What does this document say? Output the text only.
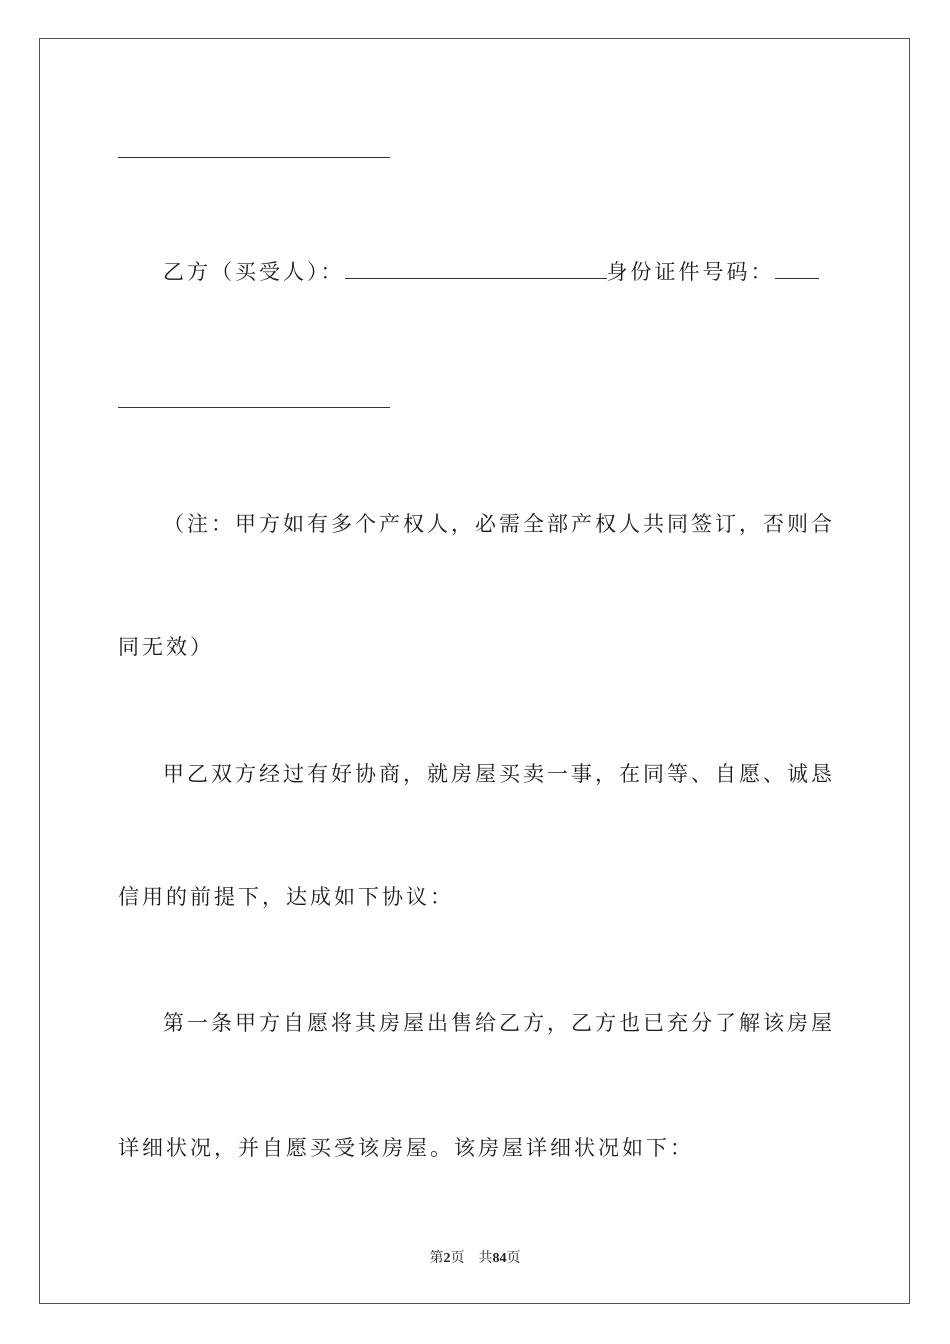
乙方（买受人）：	身份证件号码：
（注：甲方如有多个产权人，必需全部产权人共同签订，否则合
同无效）
甲乙双方经过有好协商，就房屋买卖一事，在同等、自愿、诚恳
信用的前提下，达成如下协议：
第一条甲方自愿将其房屋出售给乙方，乙方也已充分了解该房屋
详细状况，并自愿买受该房屋。该房屋详细状况如下：
第2页 共84页
